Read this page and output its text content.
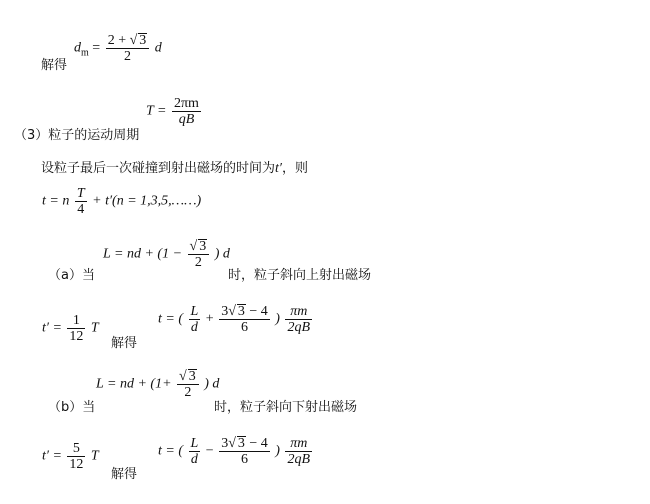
解得
$d_m = \frac{2 + √ 3}{2}$ d
$T = \frac{2\pi m}{qB}$
（3）粒子的运动周期
设粒子最后一次碰撞到射出磁场的时间为t′，则
t = n $\frac{T}{4} + t'(n$ = 1,3,5,……)
（a）当
L = nd + ($1 - \frac{√ 3}{2}$ ) d
时，粒子斜向上射出磁场
$t' = \frac{1}{12}$ T
解得
t = ( $\frac{L}{d} + \frac{3√ 3 - 4}{6}$ ) $\frac{\pi m}{2qB}$
（b）当
L = nd + ($1+ \frac{√ 3}{2}$ ) d
时，粒子斜向下射出磁场
$t' = \frac{5}{12}$ T
解得
t = ( $\frac{L}{d} - \frac{3√ 3 - 4}{6}$ ) $\frac{\pi m}{2qB}$
